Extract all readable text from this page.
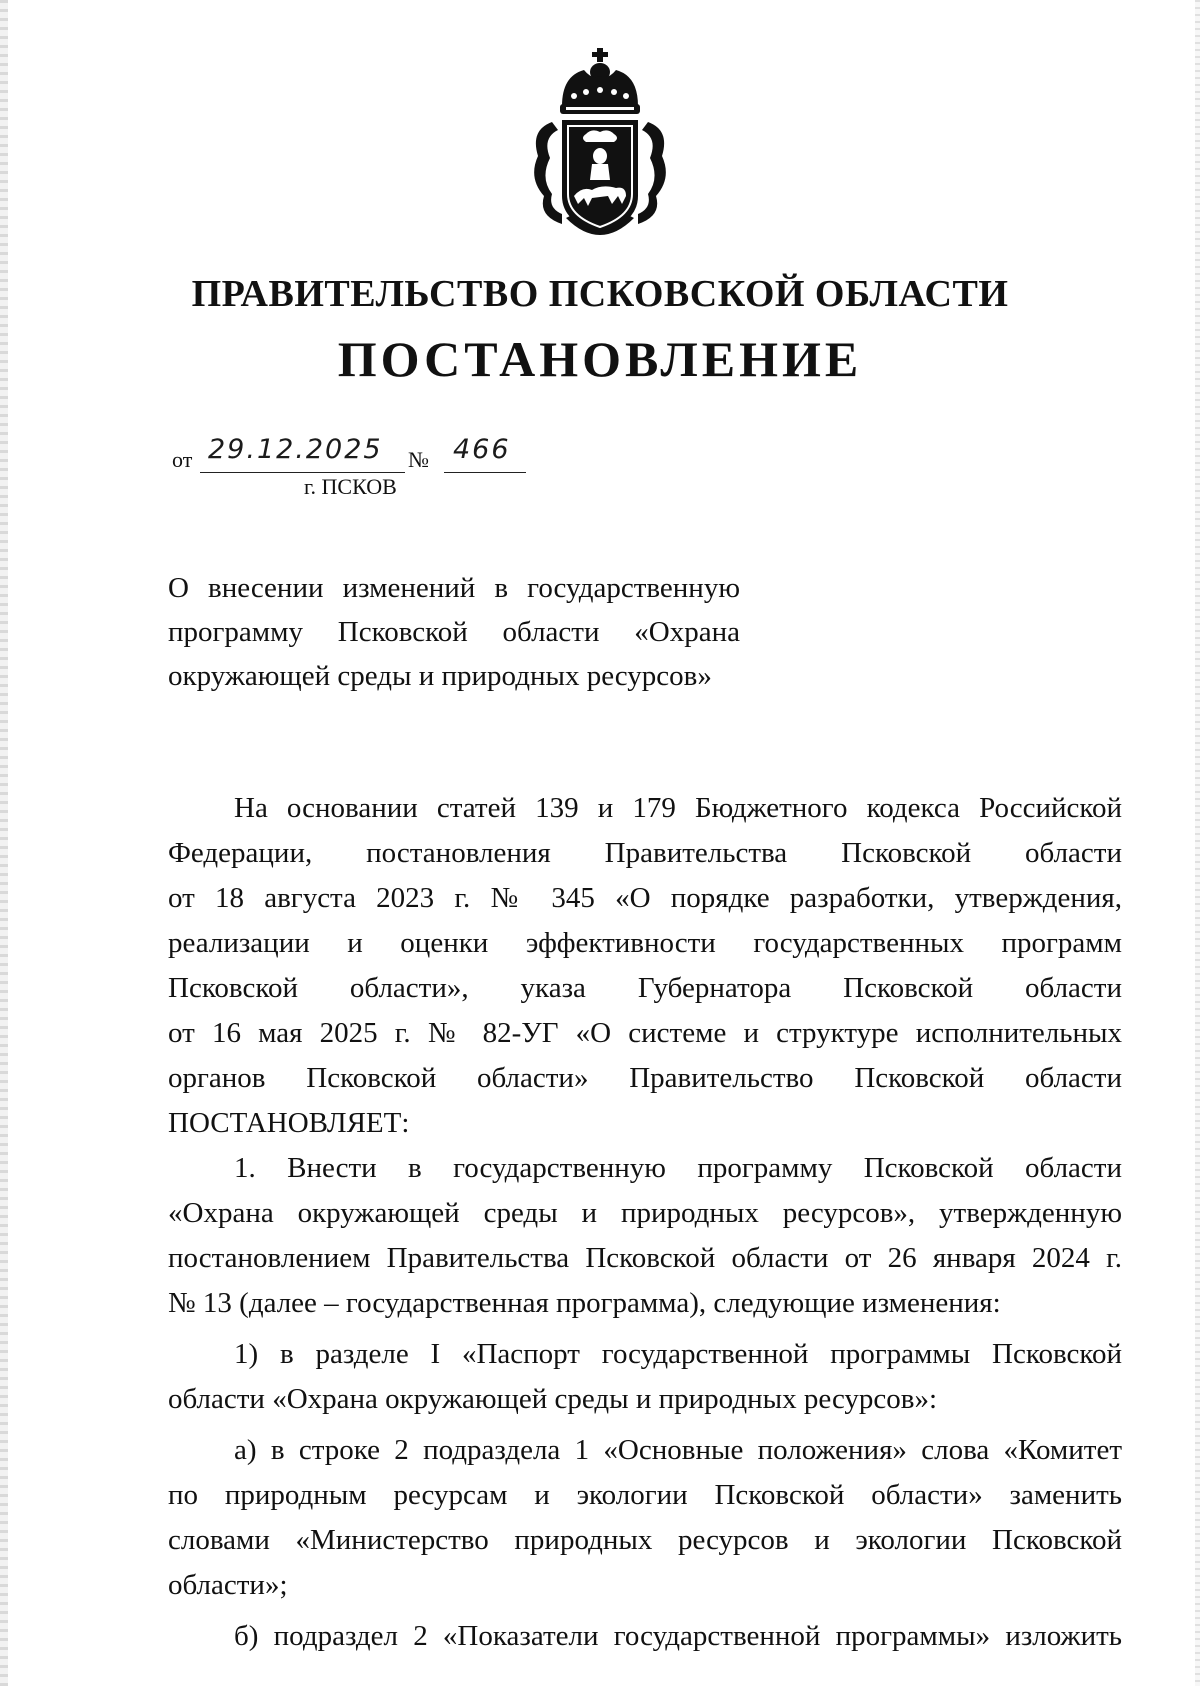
ПРАВИТЕЛЬСТВО ПСКОВСКОЙ ОБЛАСТИ
ПОСТАНОВЛЕНИЕ
от 29.12.2025 № 466
г. ПСКОВ
О внесении изменений в государственную
программу Псковской области «Охрана
окружающей среды и природных ресурсов»
На основании статей 139 и 179 Бюджетного кодекса Российской
Федерации, постановления Правительства Псковской области
от 18 августа 2023 г. № 345 «О порядке разработки, утверждения,
реализации и оценки эффективности государственных программ
Псковской области», указа Губернатора Псковской области
от 16 мая 2025 г. № 82-УГ «О системе и структуре исполнительных
органов Псковской области» Правительство Псковской области
ПОСТАНОВЛЯЕТ:
1. Внести в государственную программу Псковской области
«Охрана окружающей среды и природных ресурсов», утвержденную
постановлением Правительства Псковской области от 26 января 2024 г.
№ 13 (далее – государственная программа), следующие изменения:
1) в разделе I «Паспорт государственной программы Псковской
области «Охрана окружающей среды и природных ресурсов»:
а) в строке 2 подраздела 1 «Основные положения» слова «Комитет
по природным ресурсам и экологии Псковской области» заменить
словами «Министерство природных ресурсов и экологии Псковской
области»;
б) подраздел 2 «Показатели государственной программы» изложить
